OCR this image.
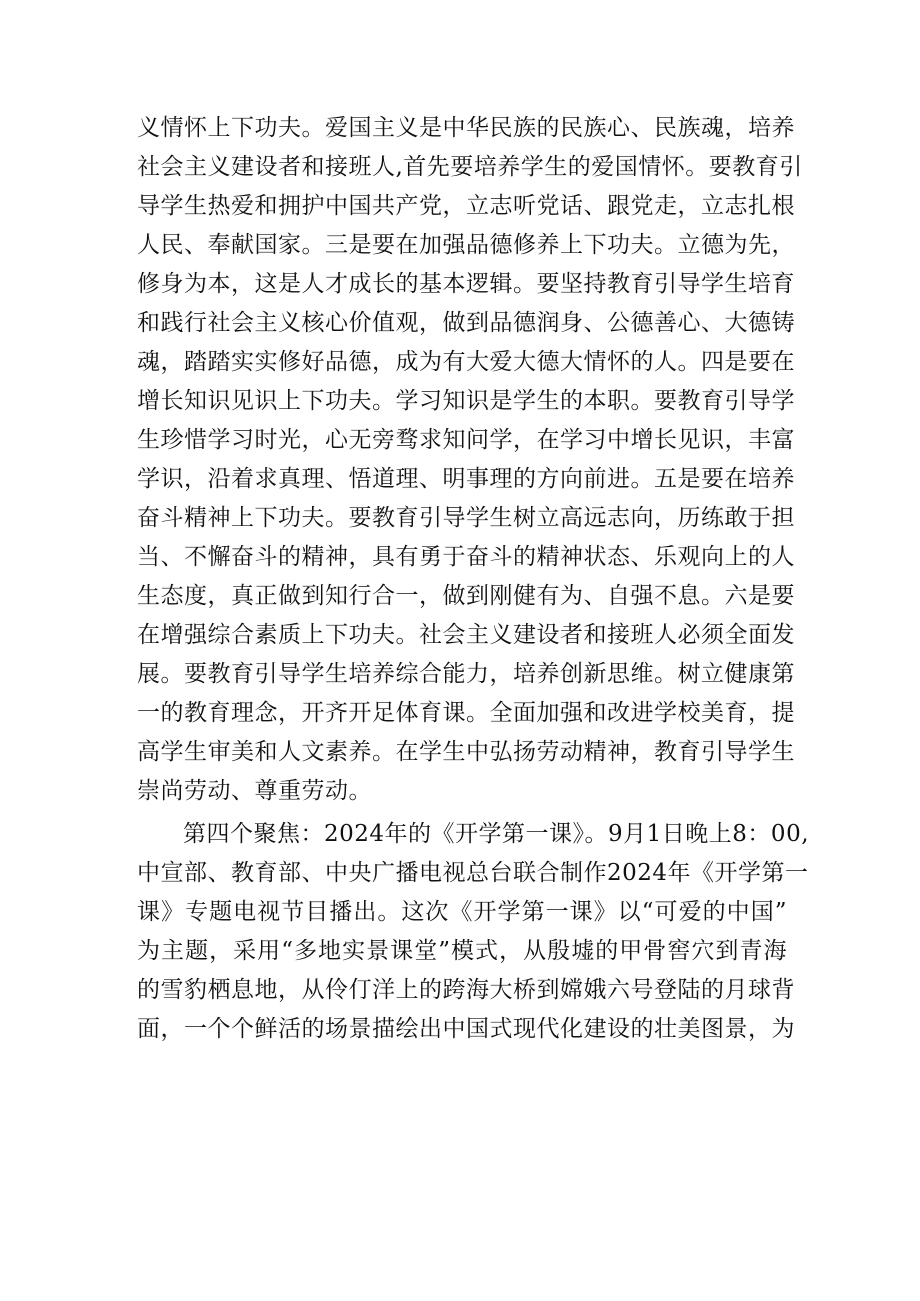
义情怀上下功夫。爱国主义是中华民族的民族心、民族魂，培养
社会主义建设者和接班人,首先要培养学生的爱国情怀。要教育引
导学生热爱和拥护中国共产党，立志听党话、跟党走，立志扎根
人民、奉献国家。三是要在加强品德修养上下功夫。立德为先，
修身为本，这是人才成长的基本逻辑。要坚持教育引导学生培育
和践行社会主义核心价值观，做到品德润身、公德善心、大德铸
魂，踏踏实实修好品德，成为有大爱大德大情怀的人。四是要在
增长知识见识上下功夫。学习知识是学生的本职。要教育引导学
生珍惜学习时光，心无旁骛求知问学，在学习中增长见识，丰富
学识，沿着求真理、悟道理、明事理的方向前进。五是要在培养
奋斗精神上下功夫。要教育引导学生树立高远志向，历练敢于担
当、不懈奋斗的精神，具有勇于奋斗的精神状态、乐观向上的人
生态度，真正做到知行合一，做到刚健有为、自强不息。六是要
在增强综合素质上下功夫。社会主义建设者和接班人必须全面发
展。要教育引导学生培养综合能力，培养创新思维。树立健康第
一的教育理念，开齐开足体育课。全面加强和改进学校美育，提
高学生审美和人文素养。在学生中弘扬劳动精神，教育引导学生
崇尚劳动、尊重劳动。
第四个聚焦：2024年的《开学第一课》。9月1日晚上8：00,
中宣部、教育部、中央广播电视总台联合制作2024年《开学第一
课》专题电视节目播出。这次《开学第一课》以“可爱的中国”
为主题，采用“多地实景课堂”模式，从殷墟的甲骨窖穴到青海
的雪豹栖息地，从伶仃洋上的跨海大桥到嫦娥六号登陆的月球背
面，一个个鲜活的场景描绘出中国式现代化建设的壮美图景，为
